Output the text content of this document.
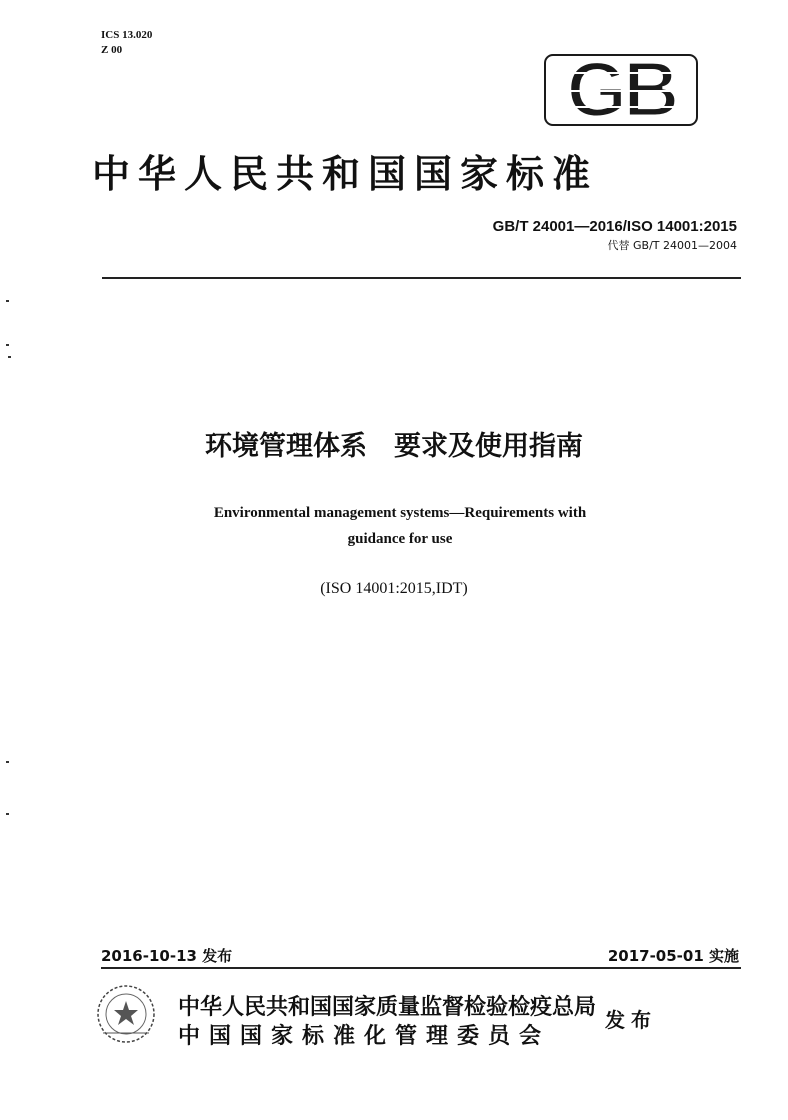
ICS 13.020
Z 00	GB
中华人民共和国国家标准
GB/T 24001—2016/ISO 14001:2015
代替 GB/T 24001—2004
环境管理体系　要求及使用指南
Environmental management systems—Requirements with
guidance for use
(ISO 14001:2015,IDT)
2016-10-13 发布	2017-05-01 实施
中华人民共和国国家质量监督检验检疫总局
中国国家标准化管理委员会
发布
